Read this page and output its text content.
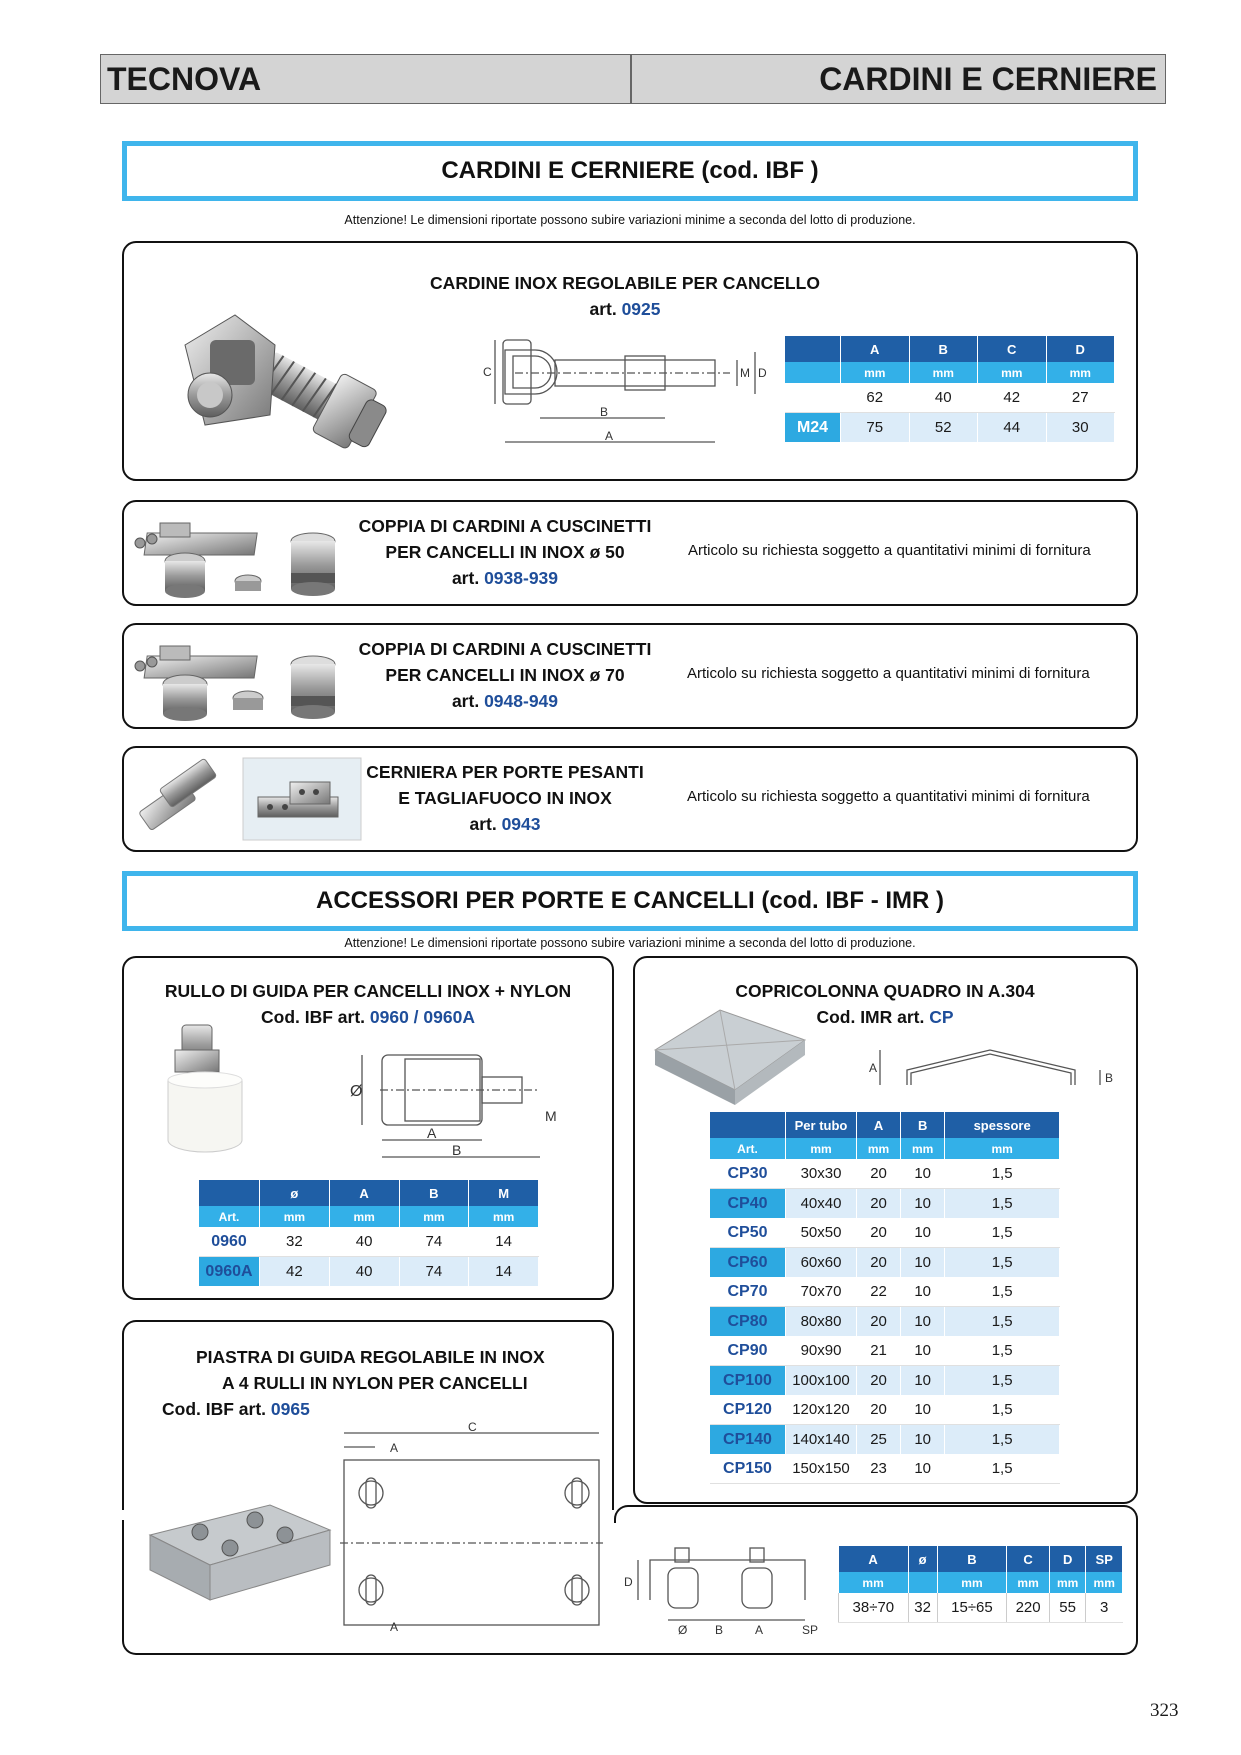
TECNOVA	CARDINI E CERNIERE
CARDINI E CERNIERE (cod. IBF )
Attenzione! Le dimensioni riportate possono subire variazioni minime a seconda del lotto di produzione.
CARDINE INOX REGOLABILE PER CANCELLO
art. 0925
C
B
A
M D
	A	B	C	D
	mm	mm	mm	mm
M20	62	40	42	27
M24	75	52	44	30
COPPIA DI CARDINI A CUSCINETTI
PER CANCELLI IN INOX ø 50
art. 0938-939
Articolo su richiesta soggetto a quantitativi minimi di fornitura
COPPIA DI CARDINI A CUSCINETTI
PER CANCELLI IN INOX ø 70
art. 0948-949
Articolo su richiesta soggetto a quantitativi minimi di fornitura
CERNIERA PER PORTE PESANTI
E TAGLIAFUOCO IN INOX
art. 0943
Articolo su richiesta soggetto a quantitativi minimi di fornitura
ACCESSORI PER PORTE E CANCELLI (cod. IBF - IMR )
Attenzione! Le dimensioni riportate possono subire variazioni minime a seconda del lotto di produzione.
RULLO DI GUIDA PER CANCELLI INOX + NYLON
Cod. IBF art. 0960 / 0960A
Ø
A
B
M
	ø	A	B	M
Art.	mm	mm	mm	mm
0960	32	40	74	14
0960A	42	40	74	14
COPRICOLONNA QUADRO IN A.304
Cod. IMR art. CP
A
B
	Per tubo	A	B	spessore
Art.	mm	mm	mm	mm
CP30	30x30	20	10	1,5
CP40	40x40	20	10	1,5
CP50	50x50	20	10	1,5
CP60	60x60	20	10	1,5
CP70	70x70	22	10	1,5
CP80	80x80	20	10	1,5
CP90	90x90	21	10	1,5
CP100	100x100	20	10	1,5
CP120	120x120	20	10	1,5
CP140	140x140	25	10	1,5
CP150	150x150	23	10	1,5
PIASTRA DI GUIDA REGOLABILE IN INOX
A 4 RULLI IN NYLON PER CANCELLI
Cod. IBF art. 0965
C
A
A
D
Ø B	A	SP
A	ø	B	C	D	SP
mm		mm	mm	mm	mm
38÷70	32	15÷65	220	55	3
323
